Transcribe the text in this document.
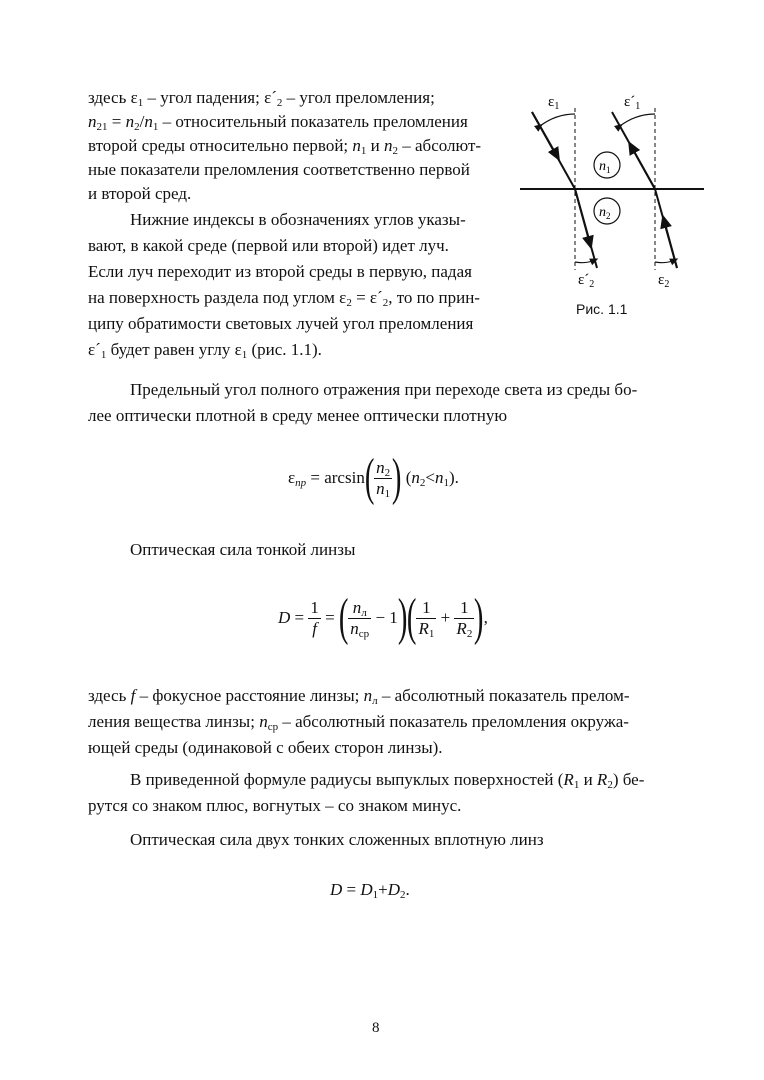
здесь $\varepsilon_1$ – угол падения; $\varepsilon´_2$ – угол преломления;
$n_{21} = n_2/n_1$ – относительный показатель преломления
второй среды относительно первой; $n_1$ и $n_2$ – абсолют-
ные показатели преломления соответственно первой
и второй сред.
Нижние индексы в обозначениях углов указы-
вают, в какой среде (первой или второй) идет луч.
Если луч переходит из второй среды в первую, падая
на поверхность раздела под углом $\varepsilon_2$ = $\varepsilon´_2$, то по прин-
ципу обратимости световых лучей угол преломления
$\varepsilon´_1$ будет равен углу $\varepsilon_1$ (рис. 1.1).
$\varepsilon_1$	$\varepsilon´_1$
$n_1$
$n_2$
$\varepsilon´_2$	$\varepsilon_2$
Рис. 1.1
Предельный угол полного отражения при переходе света из среды бо-
лее оптически плотной в среду менее оптически плотную
$\varepsilon_{пр} = \arcsin( \frac{n_2}{n_1}$ ) $(n_2<n_1)$.
Оптическая сила тонкой линзы
$D = \frac{1}{f}$ = ( $\frac{n_л}{n_{ср}} - 1)( \frac{1}{R_1} + \frac{1}{R_2}$ ),
здесь f – фокусное расстояние линзы; $n_л$ – абсолютный показатель прелом-
ления вещества линзы; $n_{ср}$ – абсолютный показатель преломления окружа-
ющей среды (одинаковой с обеих сторон линзы).
В приведенной формуле радиусы выпуклых поверхностей ($R_1$ и $R_2$) бе-
рутся со знаком плюс, вогнутых – со знаком минус.
Оптическая сила двух тонких сложенных вплотную линз
$D = D_1+D_2$.
8
